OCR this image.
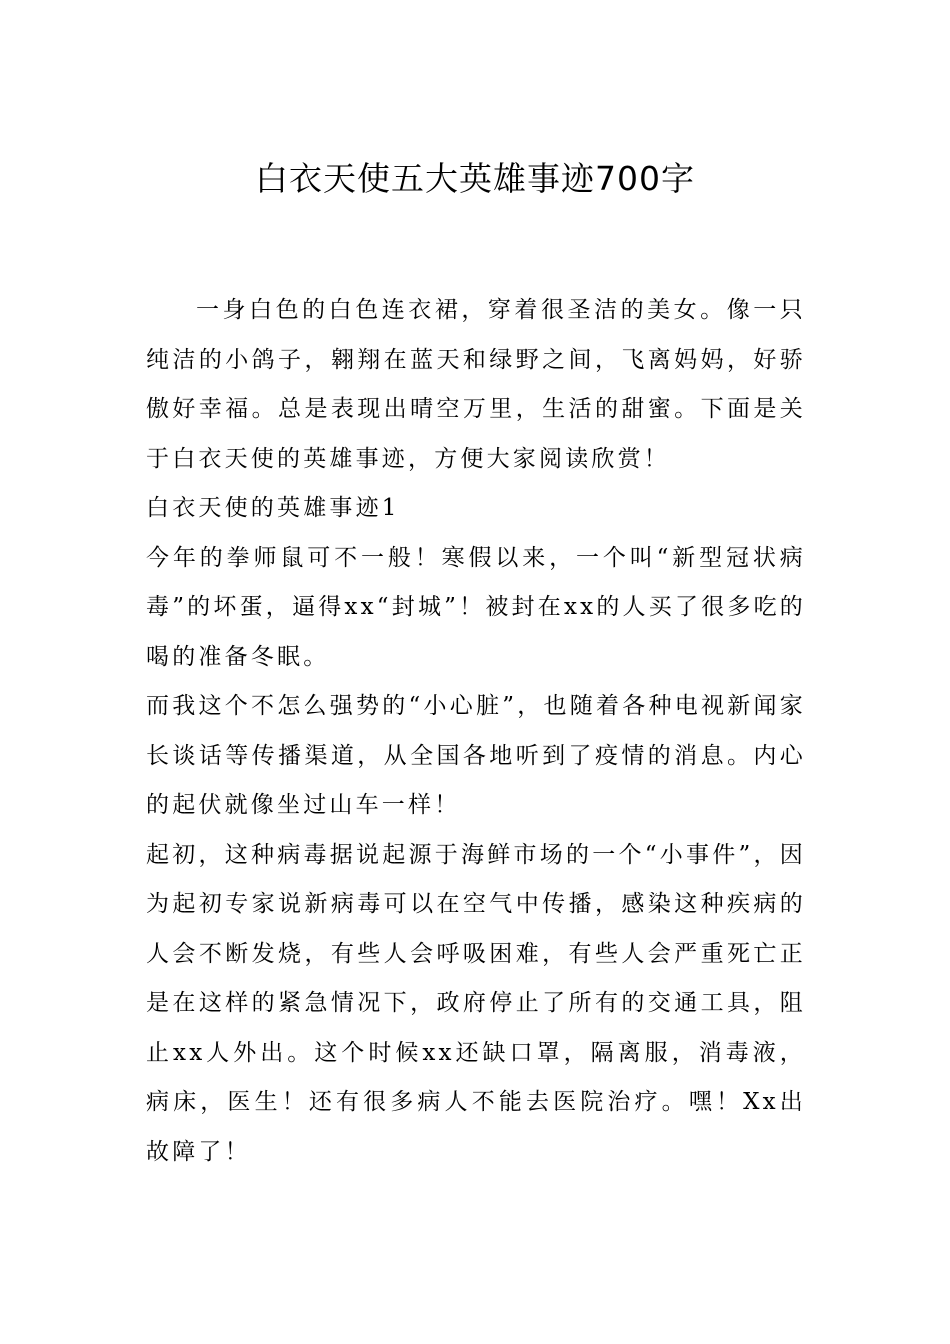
白衣天使五大英雄事迹700字

一身白色的白色连衣裙，穿着很圣洁的美女。像一只纯洁的小鸽子，翱翔在蓝天和绿野之间，飞离妈妈，好骄傲好幸福。总是表现出晴空万里，生活的甜蜜。下面是关于白衣天使的英雄事迹，方便大家阅读欣赏！

白衣天使的英雄事迹1

今年的拳师鼠可不一般！寒假以来，一个叫“新型冠状病毒”的坏蛋，逼得xx“封城”！被封在xx的人买了很多吃的喝的准备冬眠。

而我这个不怎么强势的“小心脏”，也随着各种电视新闻家长谈话等传播渠道，从全国各地听到了疫情的消息。内心的起伏就像坐过山车一样！

起初，这种病毒据说起源于海鲜市场的一个“小事件”，因为起初专家说新病毒可以在空气中传播，感染这种疾病的人会不断发烧，有些人会呼吸困难，有些人会严重死亡正是在这样的紧急情况下，政府停止了所有的交通工具，阻止xx人外出。这个时候xx还缺口罩，隔离服，消毒液，病床，医生！还有很多病人不能去医院治疗。嘿！Xx出故障了！
